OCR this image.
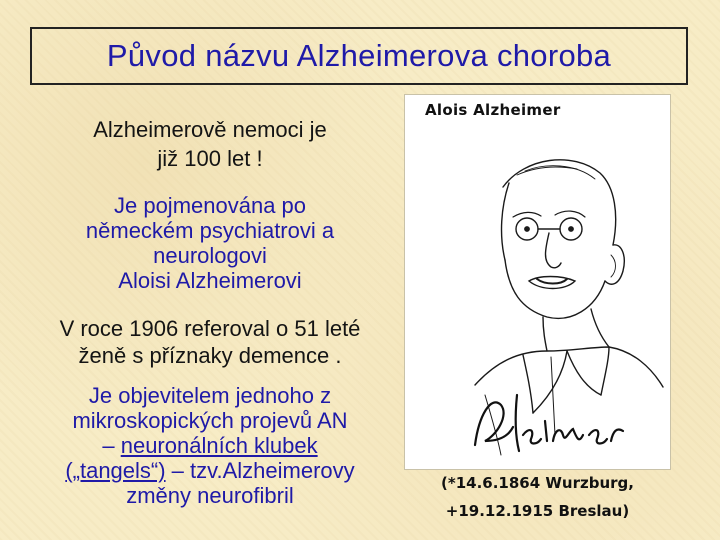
Původ názvu Alzheimerova choroba
Alzheimerově nemoci je
již 100 let !
Je pojmenována po
německém psychiatrovi a
neurologovi
Aloisi Alzheimerovi
V roce 1906 referoval o 51 leté
ženě s příznaky demence .
Je objevitelem jednoho z
mikroskopických projevů AN
– neuronálních klubek
(„tangels“) – tzv.Alzheimerovy
změny neurofibril
Alois Alzheimer
(*14.6.1864 Wurzburg,
+19.12.1915 Breslau)
